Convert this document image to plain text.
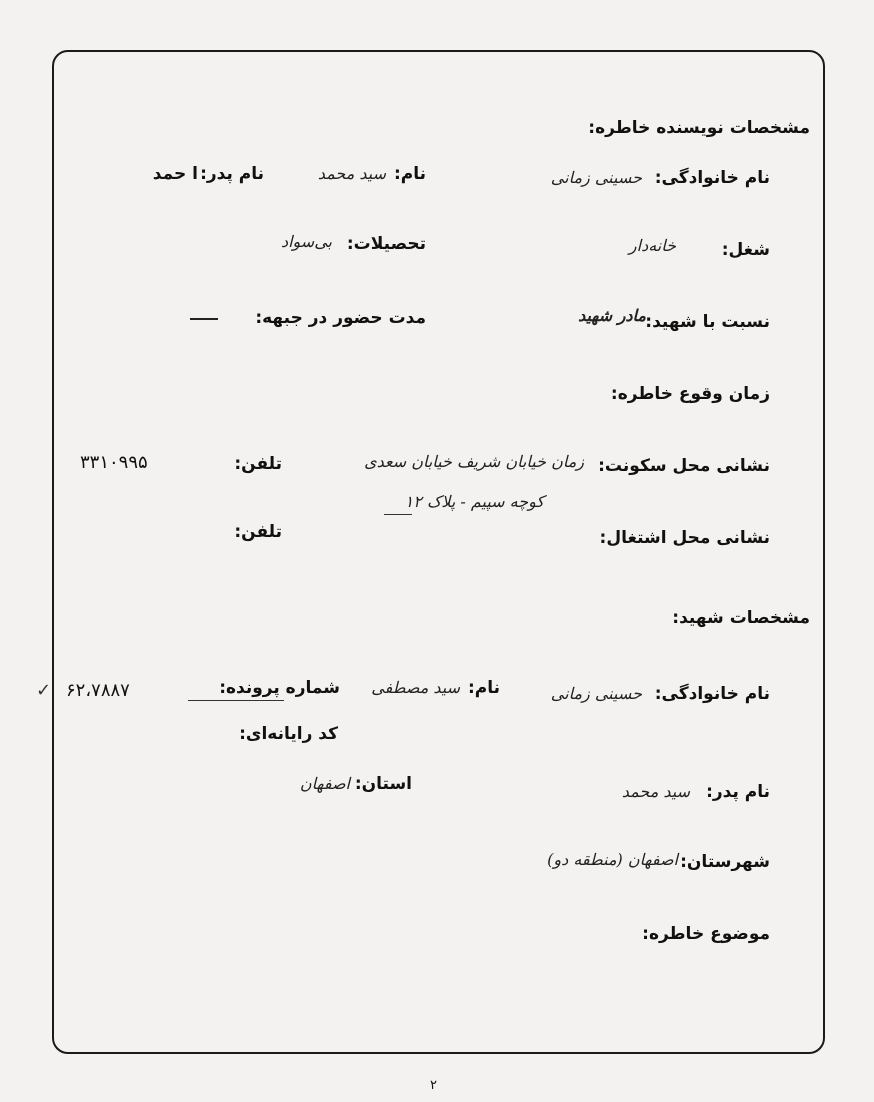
مشخصات نویسنده خاطره:
نام خانوادگی:
حسینی زمانی
نام:
سید محمد
نام پدر:
ا حمد
شغل:
خانه‌دار
تحصیلات:
بی‌سواد
نسبت با شهید:
مادر شهید
مدت حضور در جبهه:
زمان وقوع خاطره:
نشانی محل سکونت:
زمان خیابان شریف خیابان سعدی
کوچه سپیم - پلاک ۱۲
تلفن:
۳۳۱۰۹۹۵
نشانی محل اشتغال:
تلفن:
مشخصات شهید:
نام خانوادگی:
حسینی زمانی
نام:
سید مصطفی
شماره پرونده:
۶۲،۷۸۸۷
✓
کد رایانه‌ای:
نام پدر:
سید محمد
استان:
اصفهان
شهرستان:
اصفهان (منطقه دو)
موضوع خاطره:
۲
